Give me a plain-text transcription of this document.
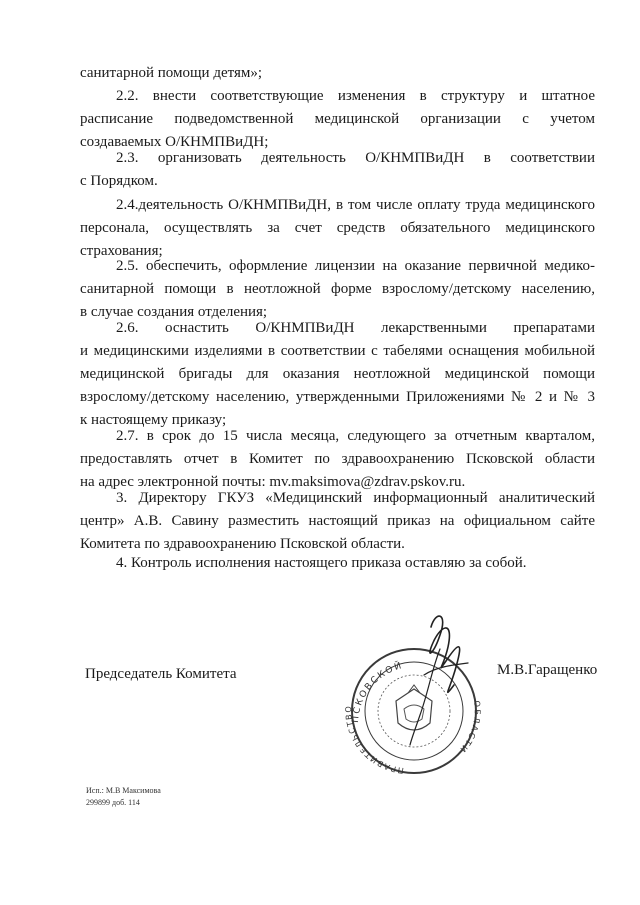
санитарной помощи детям»;
2.2. внести соответствующие изменения в структуру и штатное
расписание подведомственной медицинской организации с учетом
создаваемых О/КНМПВиДН;
2.3. организовать деятельность О/КНМПВиДН в соответствии
с Порядком.
2.4.деятельность О/КНМПВиДН, в том числе оплату труда медицинского
персонала, осуществлять за счет средств обязательного медицинского
страхования;
2.5. обеспечить, оформление лицензии на оказание первичной медико-
санитарной помощи в неотложной форме взрослому/детскому населению,
в случае создания отделения;
2.6. оснастить О/КНМПВиДН лекарственными препаратами
и медицинскими изделиями в соответствии с табелями оснащения мобильной
медицинской бригады для оказания неотложной медицинской помощи
взрослому/детскому населению, утвержденными Приложениями № 2 и № 3
к настоящему приказу;
2.7. в срок до 15 числа месяца, следующего за отчетным кварталом,
предоставлять отчет в Комитет по здравоохранению Псковской области
на адрес электронной почты: mv.maksimova@zdrav.pskov.ru.
3. Директору ГКУЗ «Медицинский информационный аналитический
центр» А.В. Савину разместить настоящий приказ на официальном сайте
Комитета по здравоохранению Псковской области.
4. Контроль исполнения настоящего приказа оставляю за собой.
ПСКОВСКОЙ
ПРАВИТЕЛЬСТВО	ОБЛАСТИ
Председатель Комитета	М.В.Гаращенко
Исп.: М.В Максимова
299899 доб. 114
